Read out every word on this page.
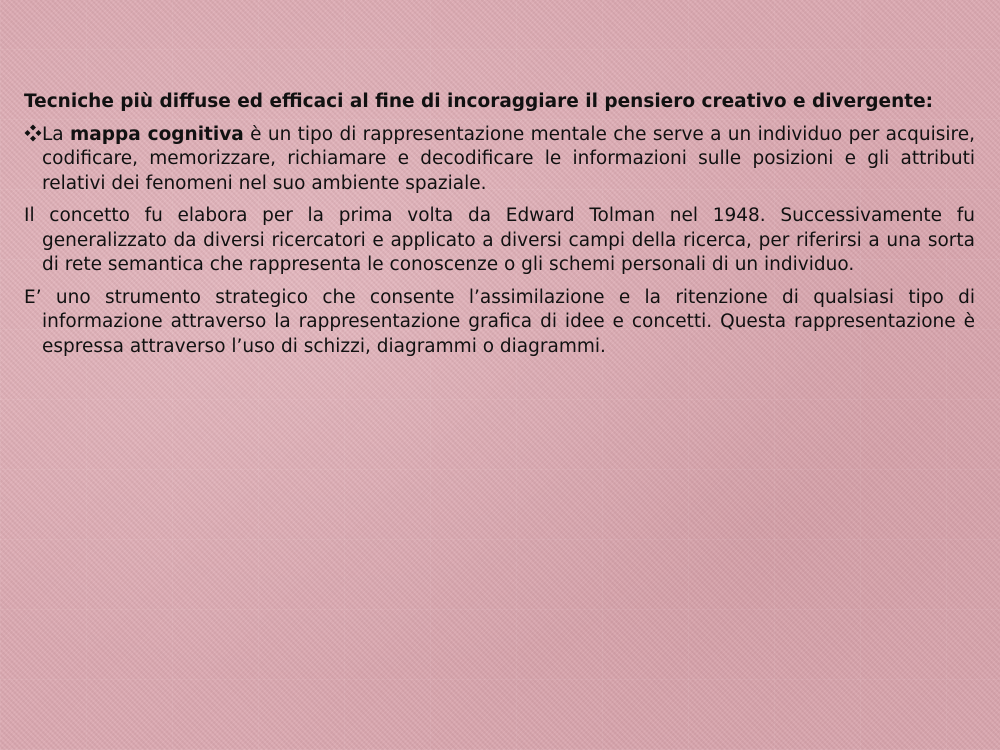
Tecniche più diffuse ed efficaci al fine di incoraggiare il pensiero creativo e divergente:

La mappa cognitiva è un tipo di rappresentazione mentale che serve a un individuo per acquisire, codificare, memorizzare, richiamare e decodificare le informazioni sulle posizioni e gli attributi relativi dei fenomeni nel suo ambiente spaziale.

Il concetto fu elabora per la prima volta da Edward Tolman nel 1948. Successivamente fu generalizzato da diversi ricercatori e applicato a diversi campi della ricerca, per riferirsi a una sorta di rete semantica che rappresenta le conoscenze o gli schemi personali di un individuo.

E’ uno strumento strategico che consente l’assimilazione e la ritenzione di qualsiasi tipo di informazione attraverso la rappresentazione grafica di idee e concetti. Questa rappresentazione è espressa attraverso l’uso di schizzi, diagrammi o diagrammi.
